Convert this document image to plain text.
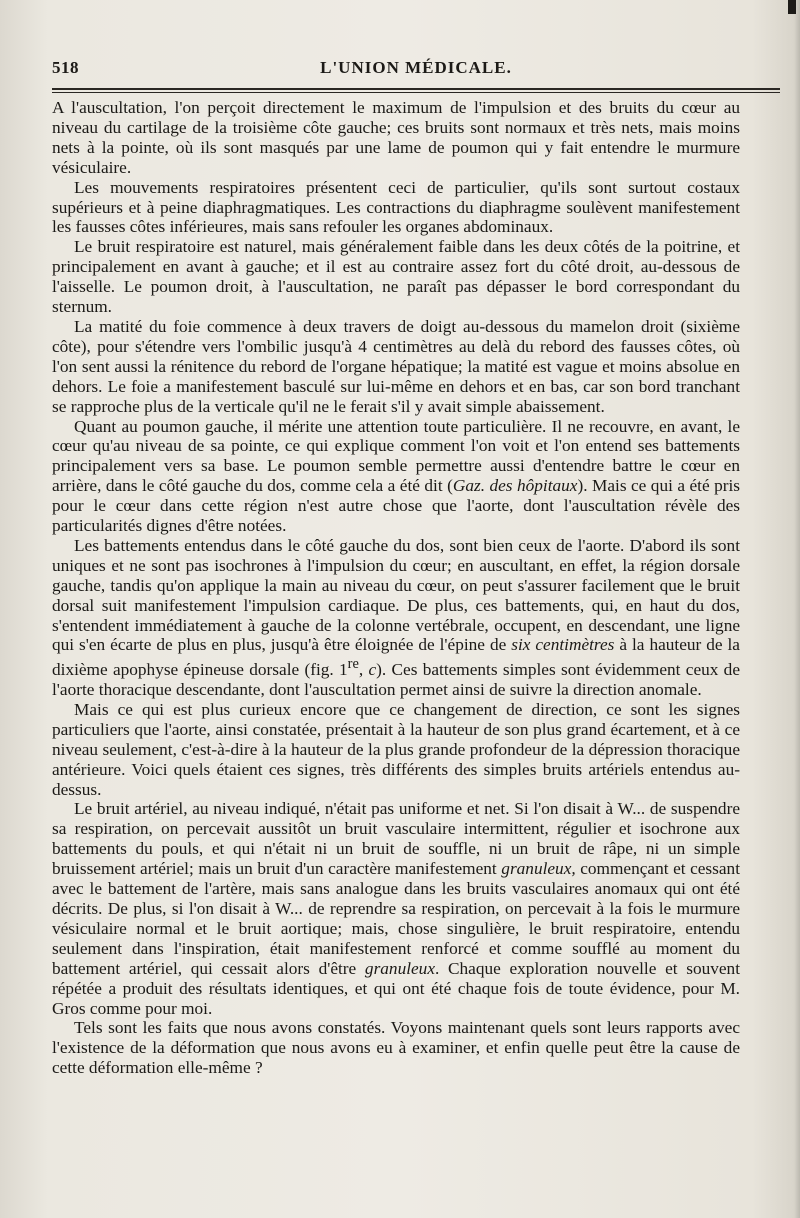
518	L'UNION MÉDICALE.

A l'auscultation, l'on perçoit directement le maximum de l'impulsion et des bruits du cœur au niveau du cartilage de la troisième côte gauche; ces bruits sont normaux et très nets, mais moins nets à la pointe, où ils sont masqués par une lame de poumon qui y fait entendre le murmure vésiculaire.

Les mouvements respiratoires présentent ceci de particulier, qu'ils sont surtout costaux supérieurs et à peine diaphragmatiques. Les contractions du diaphragme soulèvent manifestement les fausses côtes inférieures, mais sans refouler les organes abdominaux.

Le bruit respiratoire est naturel, mais généralement faible dans les deux côtés de la poitrine, et principalement en avant à gauche; et il est au contraire assez fort du côté droit, au-dessous de l'aisselle. Le poumon droit, à l'auscultation, ne paraît pas dépasser le bord correspondant du sternum.

La matité du foie commence à deux travers de doigt au-dessous du mamelon droit (sixième côte), pour s'étendre vers l'ombilic jusqu'à 4 centimètres au delà du rebord des fausses côtes, où l'on sent aussi la rénitence du rebord de l'organe hépatique; la matité est vague et moins absolue en dehors. Le foie a manifestement basculé sur lui-même en dehors et en bas, car son bord tranchant se rapproche plus de la verticale qu'il ne le ferait s'il y avait simple abaissement.

Quant au poumon gauche, il mérite une attention toute particulière. Il ne recouvre, en avant, le cœur qu'au niveau de sa pointe, ce qui explique comment l'on voit et l'on entend ses battements principalement vers sa base. Le poumon semble permettre aussi d'entendre battre le cœur en arrière, dans le côté gauche du dos, comme cela a été dit (Gaz. des hôpitaux). Mais ce qui a été pris pour le cœur dans cette région n'est autre chose que l'aorte, dont l'auscultation révèle des particularités dignes d'être notées.

Les battements entendus dans le côté gauche du dos, sont bien ceux de l'aorte. D'abord ils sont uniques et ne sont pas isochrones à l'impulsion du cœur; en auscultant, en effet, la région dorsale gauche, tandis qu'on applique la main au niveau du cœur, on peut s'assurer facilement que le bruit dorsal suit manifestement l'impulsion cardiaque. De plus, ces battements, qui, en haut du dos, s'entendent immédiatement à gauche de la colonne vertébrale, occupent, en descendant, une ligne qui s'en écarte de plus en plus, jusqu'à être éloignée de l'épine de six centimètres à la hauteur de la dixième apophyse épineuse dorsale (fig. 1re, c). Ces battements simples sont évidemment ceux de l'aorte thoracique descendante, dont l'auscultation permet ainsi de suivre la direction anomale.

Mais ce qui est plus curieux encore que ce changement de direction, ce sont les signes particuliers que l'aorte, ainsi constatée, présentait à la hauteur de son plus grand écartement, et à ce niveau seulement, c'est-à-dire à la hauteur de la plus grande profondeur de la dépression thoracique antérieure. Voici quels étaient ces signes, très différents des simples bruits artériels entendus au-dessus.

Le bruit artériel, au niveau indiqué, n'était pas uniforme et net. Si l'on disait à W... de suspendre sa respiration, on percevait aussitôt un bruit vasculaire intermittent, régulier et isochrone aux battements du pouls, et qui n'était ni un bruit de souffle, ni un bruit de râpe, ni un simple bruissement artériel; mais un bruit d'un caractère manifestement granuleux, commençant et cessant avec le battement de l'artère, mais sans analogue dans les bruits vasculaires anomaux qui ont été décrits. De plus, si l'on disait à W... de reprendre sa respiration, on percevait à la fois le murmure vésiculaire normal et le bruit aortique; mais, chose singulière, le bruit respiratoire, entendu seulement dans l'inspiration, était manifestement renforcé et comme soufflé au moment du battement artériel, qui cessait alors d'être granuleux. Chaque exploration nouvelle et souvent répétée a produit des résultats identiques, et qui ont été chaque fois de toute évidence, pour M. Gros comme pour moi.

Tels sont les faits que nous avons constatés. Voyons maintenant quels sont leurs rapports avec l'existence de la déformation que nous avons eu à examiner, et enfin quelle peut être la cause de cette déformation elle-même ?
